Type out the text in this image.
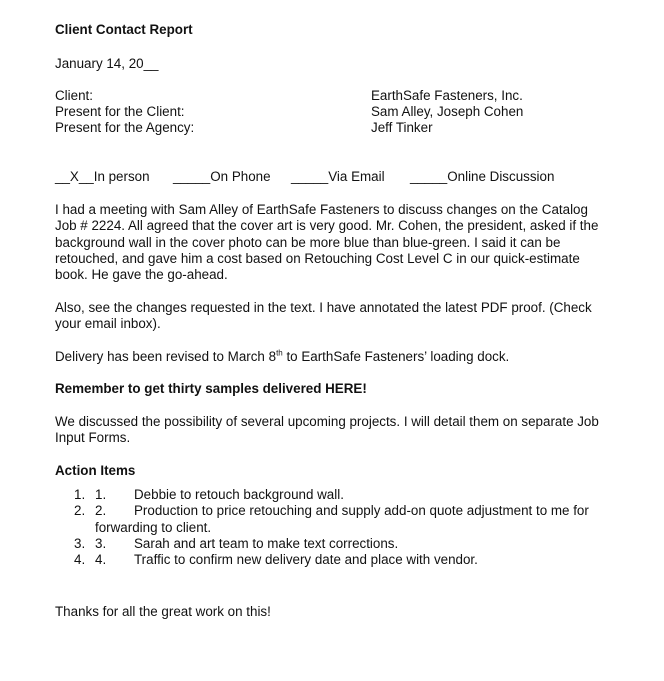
Client Contact Report
January 14, 20__
Client:	EarthSafe Fasteners, Inc.
Present for the Client:	Sam Alley, Joseph Cohen
Present for the Agency:	Jeff Tinker
__X__In person _____On Phone _____Via Email _____Online Discussion
I had a meeting with Sam Alley of EarthSafe Fasteners to discuss changes on the Catalog Job # 2224. All agreed that the cover art is very good. Mr. Cohen, the president, asked if the background wall in the cover photo can be more blue than blue-green. I said it can be retouched, and gave him a cost based on Retouching Cost Level C in our quick-estimate book. He gave the go-ahead.
Also, see the changes requested in the text. I have annotated the latest PDF proof. (Check your email inbox).
Delivery has been revised to March 8th to EarthSafe Fasteners’ loading dock.
Remember to get thirty samples delivered HERE!
We discussed the possibility of several upcoming projects. I will detail them on separate Job Input Forms.
Action Items
1. 1.	Debbie to retouch background wall.
2. 2.	Production to price retouching and supply add-on quote adjustment to me for forwarding to client.
3. 3.	Sarah and art team to make text corrections.
4. 4.	Traffic to confirm new delivery date and place with vendor.
Thanks for all the great work on this!
